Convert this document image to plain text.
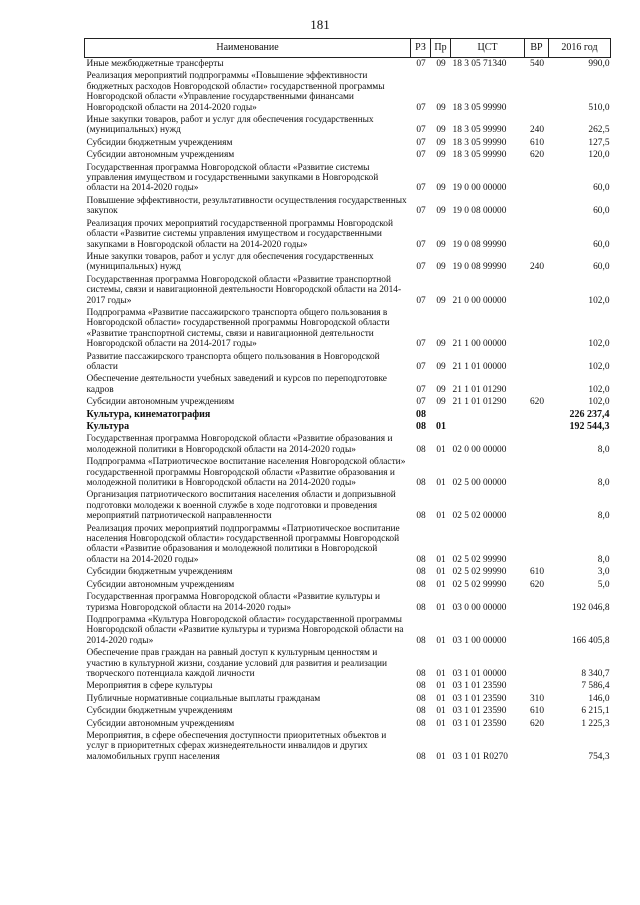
181
Наименование	РЗ	Пр	ЦСТ	ВР	2016 год
Иные межбюджетные трансферты	07	09	18 3 05 71340	540	990,0
Реализация мероприятий подпрограммы «Повышение эффективности бюджетных расходов Новгородской области» государственной программы Новгородской области «Управление государственными финансами Новгородской области на 2014-2020 годы»	07	09	18 3 05 99990		510,0
Иные закупки товаров, работ и услуг для обеспечения государственных (муниципальных) нужд	07	09	18 3 05 99990	240	262,5
Субсидии бюджетным учреждениям	07	09	18 3 05 99990	610	127,5
Субсидии автономным учреждениям	07	09	18 3 05 99990	620	120,0
Государственная программа Новгородской области «Развитие системы управления имуществом и государственными закупками в Новгородской области на 2014-2020 годы»	07	09	19 0 00 00000		60,0
Повышение эффективности, результативности осуществления государственных закупок	07	09	19 0 08 00000		60,0
Реализация прочих мероприятий государственной программы Новгородской области «Развитие системы управления имуществом и государственными закупками в Новгородской области на 2014-2020 годы»	07	09	19 0 08 99990		60,0
Иные закупки товаров, работ и услуг для обеспечения государственных (муниципальных) нужд	07	09	19 0 08 99990	240	60,0
Государственная программа Новгородской области «Развитие транспортной системы, связи и навигационной деятельности Новгородской области на 2014-2017 годы»	07	09	21 0 00 00000		102,0
Подпрограмма «Развитие пассажирского транспорта общего пользования в Новгородской области» государственной программы Новгородской области «Развитие транспортной системы, связи и навигационной деятельности Новгородской области на 2014-2017 годы»	07	09	21 1 00 00000		102,0
Развитие пассажирского транспорта общего пользования в Новгородской области	07	09	21 1 01 00000		102,0
Обеспечение деятельности учебных заведений и курсов по переподготовке кадров	07	09	21 1 01 01290		102,0
Субсидии автономным учреждениям	07	09	21 1 01 01290	620	102,0
Культура, кинематография	08				226 237,4
Культура	08	01			192 544,3
Государственная программа Новгородской области «Развитие образования и молодежной политики в Новгородской области на 2014-2020 годы»	08	01	02 0 00 00000		8,0
Подпрограмма «Патриотическое воспитание населения Новгородской области» государственной программы Новгородской области «Развитие образования и молодежной политики в Новгородской области на 2014-2020 годы»	08	01	02 5 00 00000		8,0
Организация патриотического воспитания населения области и допризывной подготовки молодежи к военной службе в ходе подготовки и проведения мероприятий патриотической направленности	08	01	02 5 02 00000		8,0
Реализация прочих мероприятий подпрограммы «Патриотическое воспитание населения Новгородской области» государственной программы Новгородской области «Развитие образования и молодежной политики в Новгородской области на 2014-2020 годы»	08	01	02 5 02 99990		8,0
Субсидии бюджетным учреждениям	08	01	02 5 02 99990	610	3,0
Субсидии автономным учреждениям	08	01	02 5 02 99990	620	5,0
Государственная программа Новгородской области «Развитие культуры и туризма Новгородской области на 2014-2020 годы»	08	01	03 0 00 00000		192 046,8
Подпрограмма «Культура Новгородской области» государственной программы Новгородской области «Развитие культуры и туризма Новгородской области на 2014-2020 годы»	08	01	03 1 00 00000		166 405,8
Обеспечение прав граждан на равный доступ к культурным ценностям и участию в культурной жизни, создание условий для развития и реализации творческого потенциала каждой личности	08	01	03 1 01 00000		8 340,7
Мероприятия в сфере культуры	08	01	03 1 01 23590		7 586,4
Публичные нормативные социальные выплаты гражданам	08	01	03 1 01 23590	310	146,0
Субсидии бюджетным учреждениям	08	01	03 1 01 23590	610	6 215,1
Субсидии автономным учреждениям	08	01	03 1 01 23590	620	1 225,3
Мероприятия, в сфере обеспечения доступности приоритетных объектов и услуг в приоритетных сферах жизнедеятельности инвалидов и других маломобильных групп населения	08	01	03 1 01 R0270		754,3
